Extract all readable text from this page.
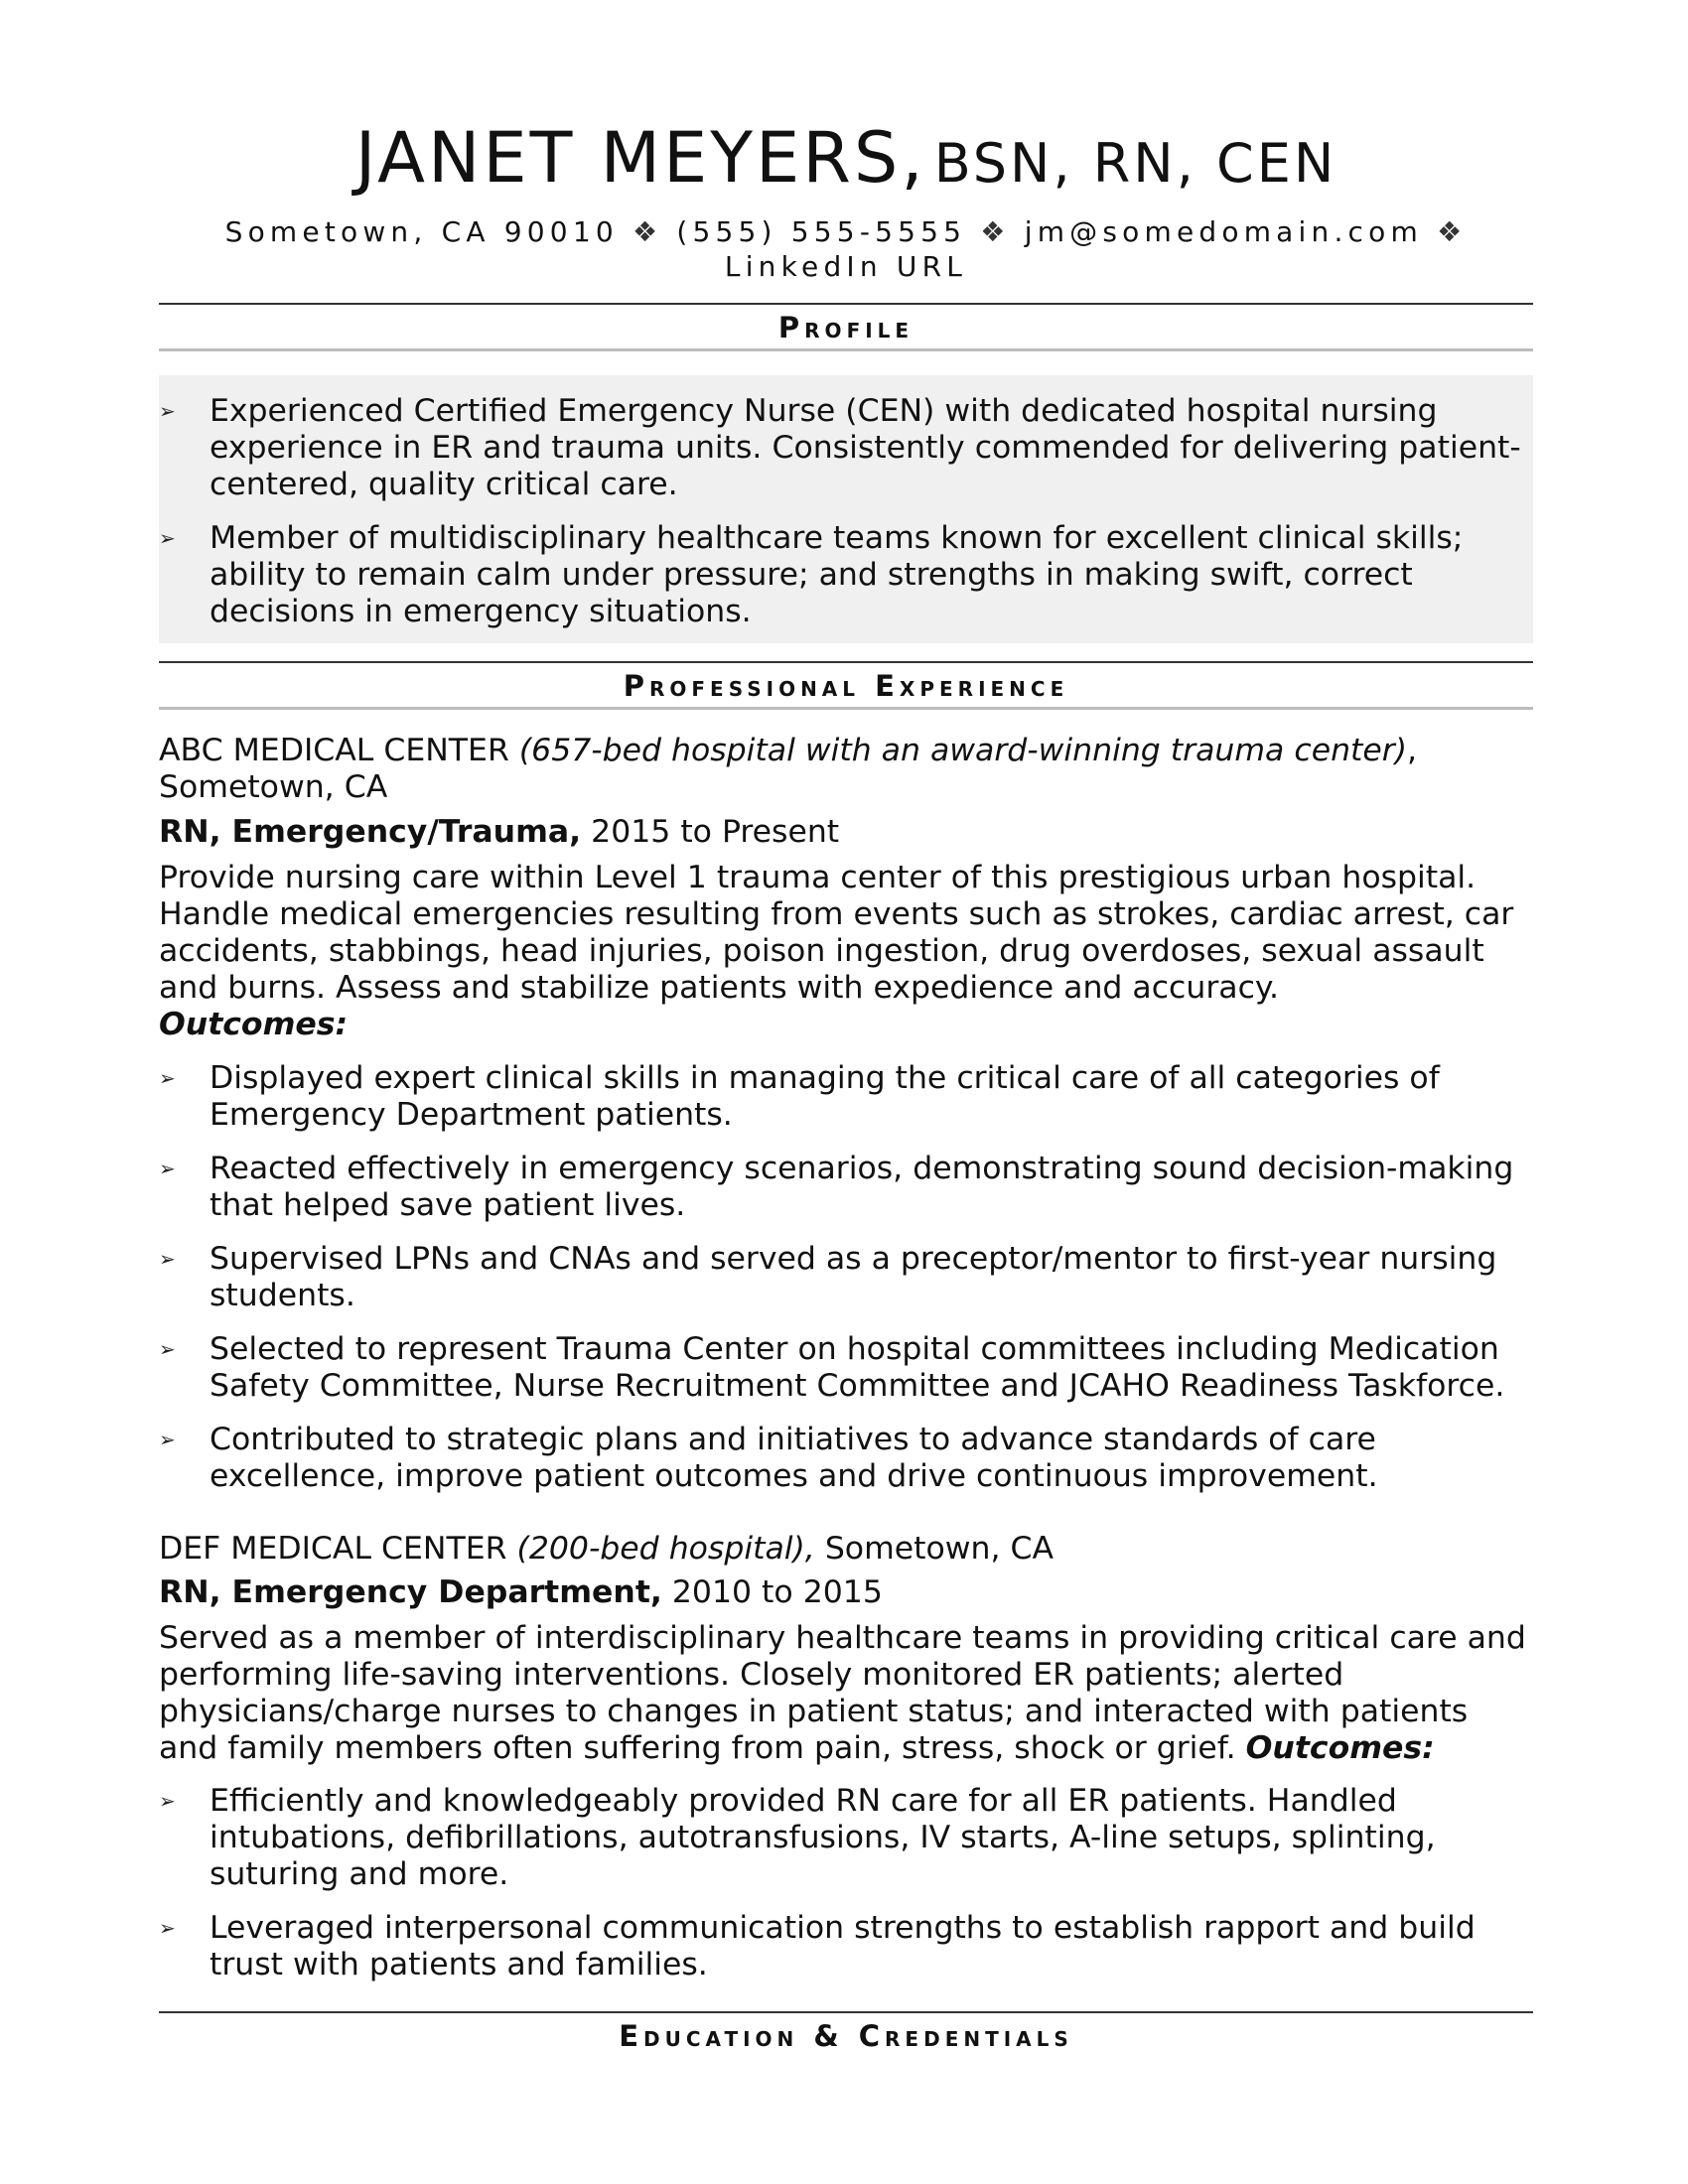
JANET MEYERS, BSN, RN, CEN
Sometown, CA 90010 ❖ (555) 555-5555 ❖ jm@somedomain.com ❖ LinkedIn URL
Profile
➢ Experienced Certified Emergency Nurse (CEN) with dedicated hospital nursing experience in ER and trauma units. Consistently commended for delivering patient-centered, quality critical care.
➢ Member of multidisciplinary healthcare teams known for excellent clinical skills; ability to remain calm under pressure; and strengths in making swift, correct decisions in emergency situations.
Professional Experience
ABC MEDICAL CENTER (657-bed hospital with an award-winning trauma center), Sometown, CA
RN, Emergency/Trauma, 2015 to Present
Provide nursing care within Level 1 trauma center of this prestigious urban hospital. Handle medical emergencies resulting from events such as strokes, cardiac arrest, car accidents, stabbings, head injuries, poison ingestion, drug overdoses, sexual assault and burns. Assess and stabilize patients with expedience and accuracy.
Outcomes:
➢ Displayed expert clinical skills in managing the critical care of all categories of Emergency Department patients.
➢ Reacted effectively in emergency scenarios, demonstrating sound decision-making that helped save patient lives.
➢ Supervised LPNs and CNAs and served as a preceptor/mentor to first-year nursing students.
➢ Selected to represent Trauma Center on hospital committees including Medication Safety Committee, Nurse Recruitment Committee and JCAHO Readiness Taskforce.
➢ Contributed to strategic plans and initiatives to advance standards of care excellence, improve patient outcomes and drive continuous improvement.
DEF MEDICAL CENTER (200-bed hospital), Sometown, CA
RN, Emergency Department, 2010 to 2015
Served as a member of interdisciplinary healthcare teams in providing critical care and performing life-saving interventions. Closely monitored ER patients; alerted physicians/charge nurses to changes in patient status; and interacted with patients and family members often suffering from pain, stress, shock or grief. Outcomes:
➢ Efficiently and knowledgeably provided RN care for all ER patients. Handled intubations, defibrillations, autotransfusions, IV starts, A-line setups, splinting, suturing and more.
➢ Leveraged interpersonal communication strengths to establish rapport and build trust with patients and families.
Education & Credentials
